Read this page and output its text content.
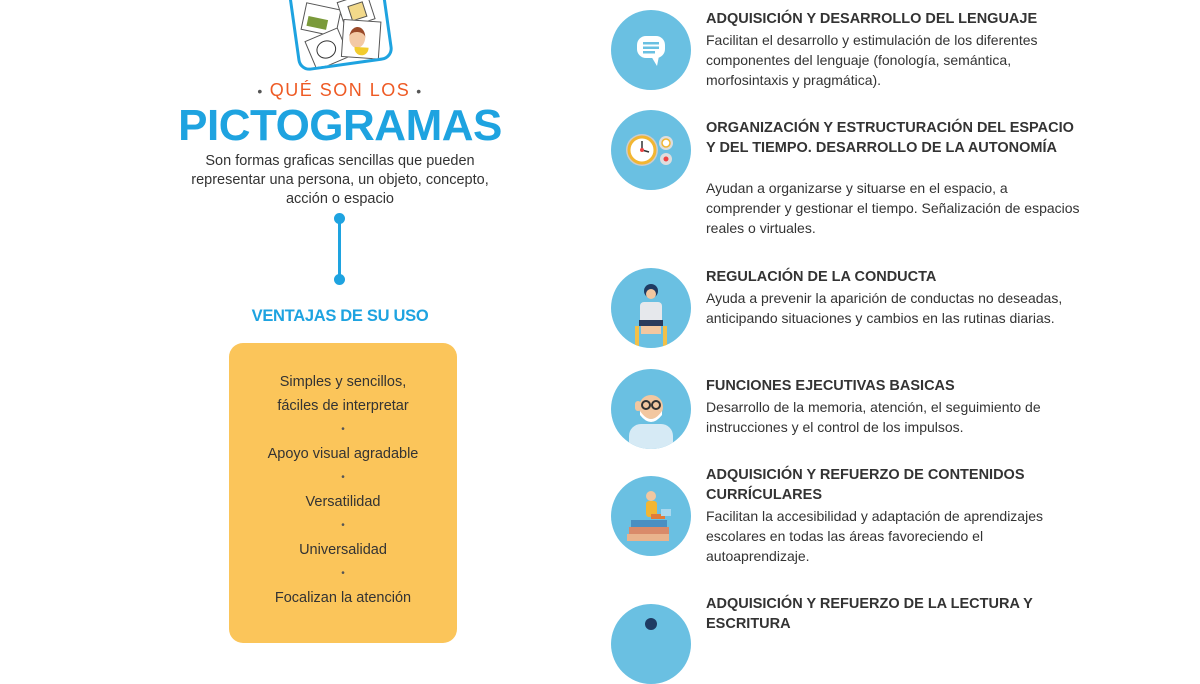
• QUÉ SON LOS •
PICTOGRAMAS
Son formas graficas sencillas que pueden representar una persona, un objeto, concepto, acción o espacio
VENTAJAS DE SU USO
Simples y sencillos, fáciles de interpretar
•
Apoyo visual agradable
•
Versatilidad
•
Universalidad
•
Focalizan la atención
ADQUISICIÓN Y DESARROLLO DEL LENGUAJE
Facilitan el desarrollo y estimulación de los diferentes componentes del lenguaje (fonología, semántica, morfosintaxis y pragmática).
ORGANIZACIÓN Y ESTRUCTURACIÓN DEL ESPACIO Y DEL TIEMPO. DESARROLLO DE LA AUTONOMÍA
Ayudan a organizarse y situarse en el espacio, a comprender y gestionar el tiempo. Señalización de espacios reales o virtuales.
REGULACIÓN DE LA CONDUCTA
Ayuda a prevenir la aparición de conductas no deseadas, anticipando situaciones y cambios en las rutinas diarias.
FUNCIONES EJECUTIVAS BASICAS
Desarrollo de la memoria, atención, el seguimiento de instrucciones y el control de los impulsos.
ADQUISICIÓN Y REFUERZO DE CONTENIDOS CURRÍCULARES
Facilitan la accesibilidad y adaptación de aprendizajes escolares en todas las áreas favoreciendo el autoaprendizaje.
ADQUISICIÓN Y REFUERZO DE LA LECTURA Y ESCRITURA
